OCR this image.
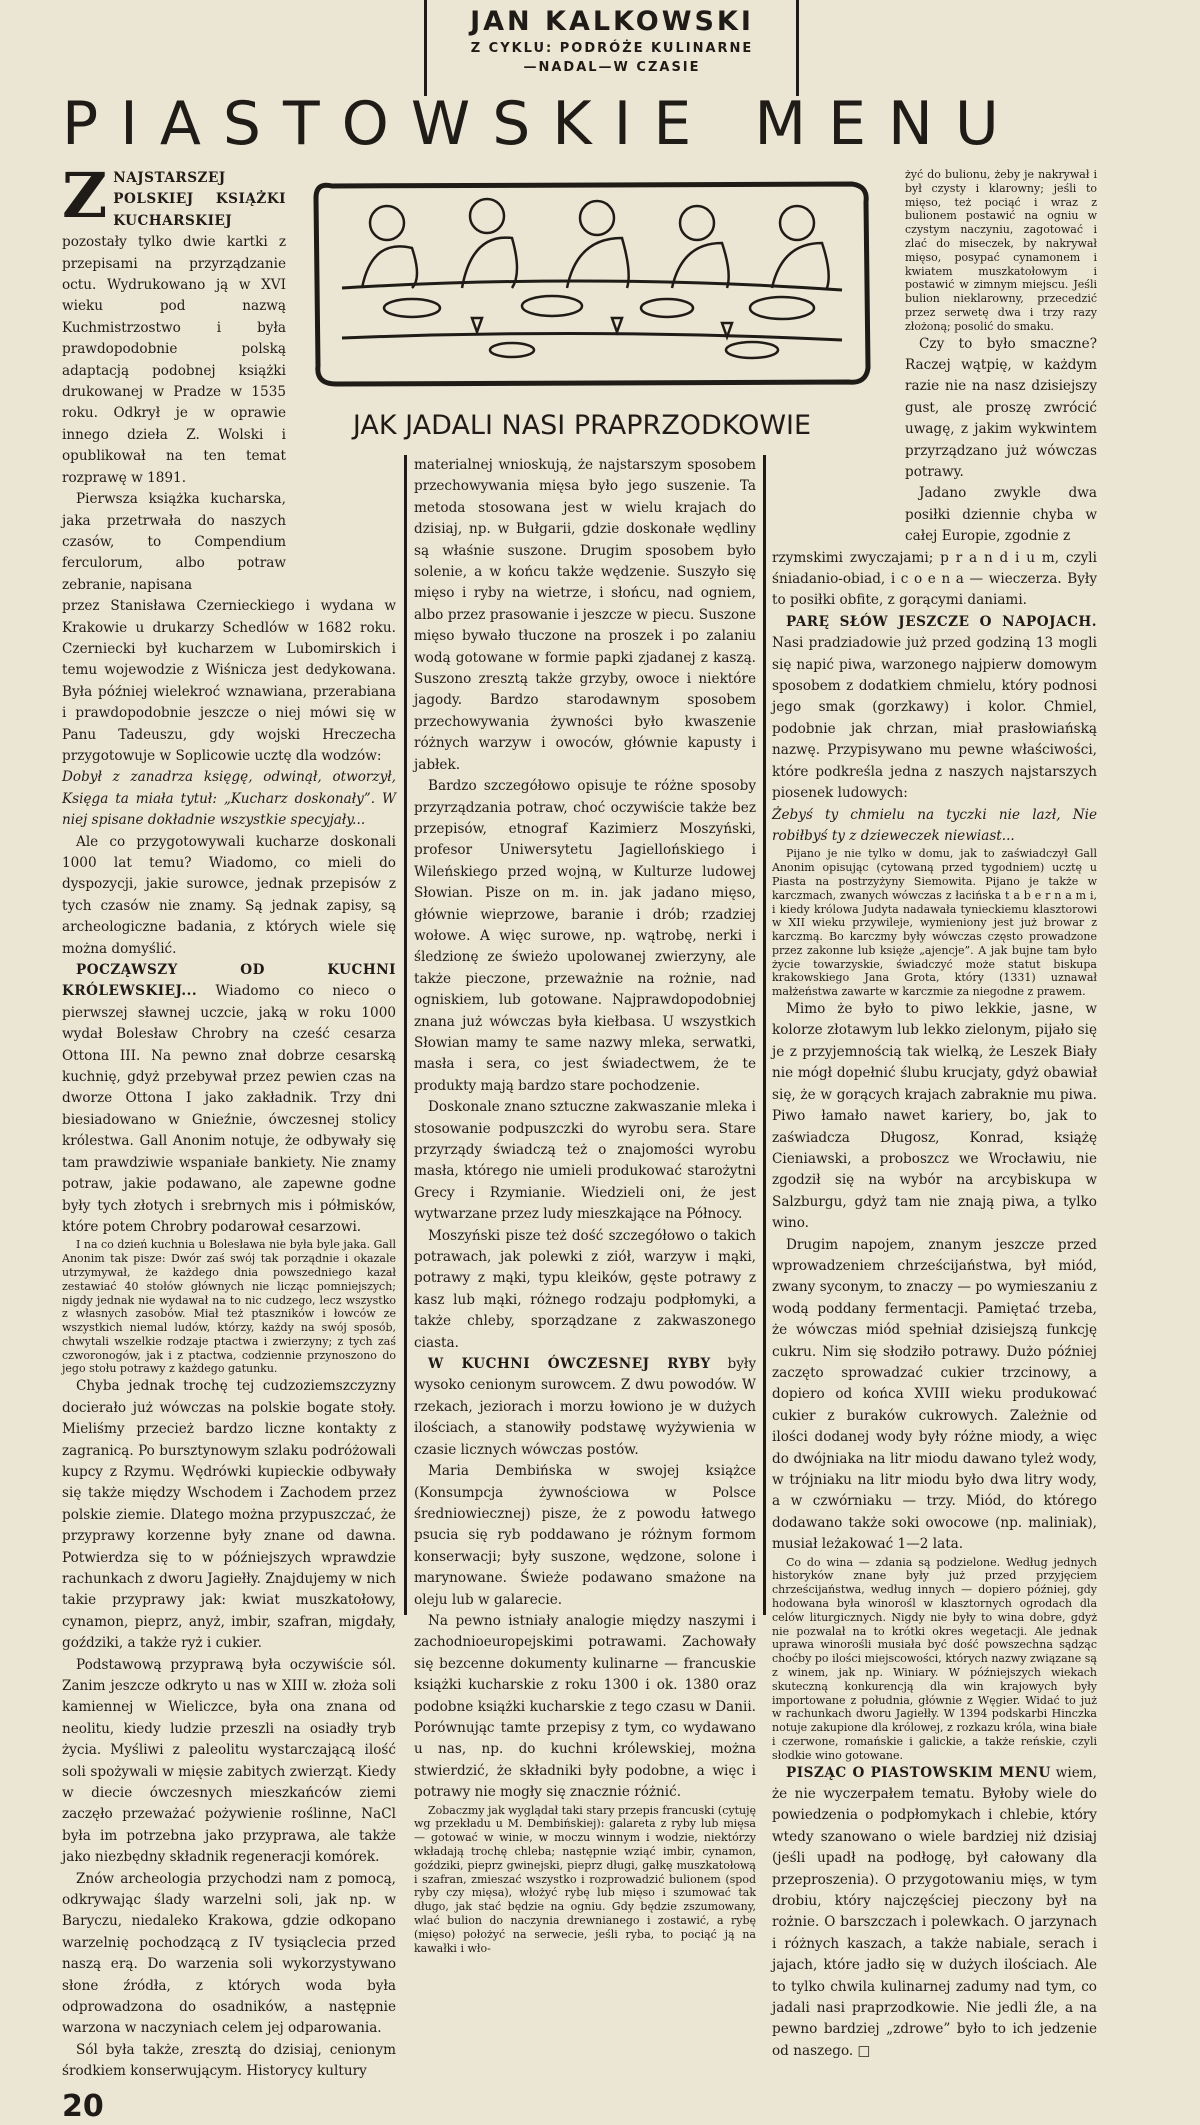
JAN KALKOWSKI
Z CYKLU: PODRÓŻE KULINARNE
—NADAL—W CZASIE
PIASTOWSKIE MENU
JAK JADALI NASI PRAPRZODKOWIE

ZNAJSTARSZEJ POLSKIEJ KSIĄŻKI KUCHARSKIEJ pozostały tylko dwie kartki z przepisami na przyrządzanie octu. Wydrukowano ją w XVI wieku pod nazwą Kuchmistrzostwo i była prawdopodobnie polską adaptacją podobnej książki drukowanej w Pradze w 1535 roku. Odkrył je w oprawie innego dzieła Z. Wolski i opublikował na ten temat rozprawę w 1891.

Pierwsza książka kucharska, jaka przetrwała do naszych czasów, to Compendium ferculorum, albo potraw zebranie, napisana

przez Stanisława Czernieckiego i wydana w Krakowie u drukarzy Schedlów w 1682 roku. Czerniecki był kucharzem w Lubomirskich i temu wojewodzie z Wiśnicza jest dedykowana. Była później wielekroć wznawiana, przerabiana i prawdopodobnie jeszcze o niej mówi się w Panu Tadeuszu, gdy wojski Hreczecha przygotowuje w Soplicowie ucztę dla wodzów:

Dobył z zanadrza księgę, odwinął, otworzył, Księga ta miała tytuł: „Kucharz doskonały”. W niej spisane dokładnie wszystkie specyjały...

Ale co przygotowywali kucharze doskonali 1000 lat temu? Wiadomo, co mieli do dyspozycji, jakie surowce, jednak przepisów z tych czasów nie znamy. Są jednak zapisy, są archeologiczne badania, z których wiele się można domyślić.

POCZĄWSZY OD KUCHNI KRÓLEWSKIEJ... Wiadomo co nieco o pierwszej sławnej uczcie, jaką w roku 1000 wydał Bolesław Chrobry na cześć cesarza Ottona III. Na pewno znał dobrze cesarską kuchnię, gdyż przebywał przez pewien czas na dworze Ottona I jako zakładnik. Trzy dni biesiadowano w Gnieźnie, ówczesnej stolicy królestwa. Gall Anonim notuje, że odbywały się tam prawdziwie wspaniałe bankiety. Nie znamy potraw, jakie podawano, ale zapewne godne były tych złotych i srebrnych mis i półmisków, które potem Chrobry podarował cesarzowi.

I na co dzień kuchnia u Bolesława nie była byle jaka. Gall Anonim tak pisze: Dwór zaś swój tak porządnie i okazale utrzymywał, że każdego dnia powszedniego kazał zestawiać 40 stołów głównych nie licząc pomniejszych; nigdy jednak nie wydawał na to nic cudzego, lecz wszystko z własnych zasobów. Miał też ptaszników i łowców ze wszystkich niemal ludów, którzy, każdy na swój sposób, chwytali wszelkie rodzaje ptactwa i zwierzyny; z tych zaś czworonogów, jak i z ptactwa, codziennie przynoszono do jego stołu potrawy z każdego gatunku.

Chyba jednak trochę tej cudzoziemszczyzny docierało już wówczas na polskie bogate stoły. Mieliśmy przecież bardzo liczne kontakty z zagranicą. Po bursztynowym szlaku podróżowali kupcy z Rzymu. Wędrówki kupieckie odbywały się także między Wschodem i Zachodem przez polskie ziemie. Dlatego można przypuszczać, że przyprawy korzenne były znane od dawna. Potwierdza się to w późniejszych wprawdzie rachunkach z dworu Jagiełły. Znajdujemy w nich takie przyprawy jak: kwiat muszkatołowy, cynamon, pieprz, anyż, imbir, szafran, migdały, goździki, a także ryż i cukier.

Podstawową przyprawą była oczywiście sól. Zanim jeszcze odkryto u nas w XIII w. złoża soli kamiennej w Wieliczce, była ona znana od neolitu, kiedy ludzie przeszli na osiadły tryb życia. Myśliwi z paleolitu wystarczającą ilość soli spożywali w mięsie zabitych zwierząt. Kiedy w diecie ówczesnych mieszkańców ziemi zaczęło przeważać pożywienie roślinne, NaCl była im potrzebna jako przyprawa, ale także jako niezbędny składnik regeneracji komórek.

Znów archeologia przychodzi nam z pomocą, odkrywając ślady warzelni soli, jak np. w Baryczu, niedaleko Krakowa, gdzie odkopano warzelnię pochodzącą z IV tysiąclecia przed naszą erą. Do warzenia soli wykorzystywano słone źródła, z których woda była odprowadzona do osadników, a następnie warzona w naczyniach celem jej odparowania.

Sól była także, zresztą do dzisiaj, cenionym środkiem konserwującym. Historycy kultury

20

materialnej wnioskują, że najstarszym sposobem przechowywania mięsa było jego suszenie. Ta metoda stosowana jest w wielu krajach do dzisiaj, np. w Bułgarii, gdzie doskonałe wędliny są właśnie suszone. Drugim sposobem było solenie, a w końcu także wędzenie. Suszyło się mięso i ryby na wietrze, i słońcu, nad ogniem, albo przez prasowanie i jeszcze w piecu. Suszone mięso bywało tłuczone na proszek i po zalaniu wodą gotowane w formie papki zjadanej z kaszą. Suszono zresztą także grzyby, owoce i niektóre jagody. Bardzo starodawnym sposobem przechowywania żywności było kwaszenie różnych warzyw i owoców, głównie kapusty i jabłek.

Bardzo szczegółowo opisuje te różne sposoby przyrządzania potraw, choć oczywiście także bez przepisów, etnograf Kazimierz Moszyński, profesor Uniwersytetu Jagiellońskiego i Wileńskiego przed wojną, w Kulturze ludowej Słowian. Pisze on m. in. jak jadano mięso, głównie wieprzowe, baranie i drób; rzadziej wołowe. A więc surowe, np. wątrobę, nerki i śledzionę ze świeżo upolowanej zwierzyny, ale także pieczone, przeważnie na rożnie, nad ogniskiem, lub gotowane. Najprawdopodobniej znana już wówczas była kiełbasa. U wszystkich Słowian mamy te same nazwy mleka, serwatki, masła i sera, co jest świadectwem, że te produkty mają bardzo stare pochodzenie.

Doskonale znano sztuczne zakwaszanie mleka i stosowanie podpuszczki do wyrobu sera. Stare przyrządy świadczą też o znajomości wyrobu masła, którego nie umieli produkować starożytni Grecy i Rzymianie. Wiedzieli oni, że jest wytwarzane przez ludy mieszkające na Północy.

Moszyński pisze też dość szczegółowo o takich potrawach, jak polewki z ziół, warzyw i mąki, potrawy z mąki, typu kleików, gęste potrawy z kasz lub mąki, różnego rodzaju podpłomyki, a także chleby, sporządzane z zakwaszonego ciasta.

W KUCHNI ÓWCZESNEJ RYBY były wysoko cenionym surowcem. Z dwu powodów. W rzekach, jeziorach i morzu łowiono je w dużych ilościach, a stanowiły podstawę wyżywienia w czasie licznych wówczas postów.

Maria Dembińska w swojej książce (Konsumpcja żywnościowa w Polsce średniowiecznej) pisze, że z powodu łatwego psucia się ryb poddawano je różnym formom konserwacji; były suszone, wędzone, solone i marynowane. Świeże podawano smażone na oleju lub w galarecie.

Na pewno istniały analogie między naszymi i zachodnioeuropejskimi potrawami. Zachowały się bezcenne dokumenty kulinarne — francuskie książki kucharskie z roku 1300 i ok. 1380 oraz podobne książki kucharskie z tego czasu w Danii. Porównując tamte przepisy z tym, co wydawano u nas, np. do kuchni królewskiej, można stwierdzić, że składniki były podobne, a więc i potrawy nie mogły się znacznie różnić.

Zobaczmy jak wyglądał taki stary przepis francuski (cytuję wg przekładu u M. Dembińskiej): galareta z ryby lub mięsa — gotować w winie, w moczu winnym i wodzie, niektórzy wkładają trochę chleba; następnie wziąć imbir, cynamon, goździki, pieprz gwinejski, pieprz długi, gałkę muszkatołową i szafran, zmieszać wszystko i rozprowadzić bulionem (spod ryby czy mięsa), włożyć rybę lub mięso i szumować tak długo, jak stać będzie na ogniu. Gdy będzie zszumowany, wlać bulion do naczynia drewnianego i zostawić, a rybę (mięso) położyć na serwecie, jeśli ryba, to pociąć ją na kawałki i wło-

żyć do bulionu, żeby je nakrywał i był czysty i klarowny; jeśli to mięso, też pociąć i wraz z bulionem postawić na ogniu w czystym naczyniu, zagotować i zlać do miseczek, by nakrywał mięso, posypać cynamonem i kwiatem muszkatołowym i postawić w zimnym miejscu. Jeśli bulion nieklarowny, przecedzić przez serwetę dwa i trzy razy złożoną; posolić do smaku.

Czy to było smaczne? Raczej wątpię, w każdym razie nie na nasz dzisiejszy gust, ale proszę zwrócić uwagę, z jakim wykwintem przyrządzano już wówczas potrawy.

Jadano zwykle dwa posiłki dziennie chyba w całej Europie, zgodnie z

rzymskimi zwyczajami; p r a n d i u m, czyli śniadanio-obiad, i c o e n a — wieczerza. Były to posiłki obfite, z gorącymi daniami.

PARĘ SŁÓW JESZCZE O NAPOJACH. Nasi pradziadowie już przed godziną 13 mogli się napić piwa, warzonego najpierw domowym sposobem z dodatkiem chmielu, który podnosi jego smak (gorzkawy) i kolor. Chmiel, podobnie jak chrzan, miał prasłowiańską nazwę. Przypisywano mu pewne właściwości, które podkreśla jedna z naszych najstarszych piosenek ludowych:

Żebyś ty chmielu na tyczki nie lazł, Nie robiłbyś ty z dzieweczek niewiast...

Pijano je nie tylko w domu, jak to zaświadczył Gall Anonim opisując (cytowaną przed tygodniem) ucztę u Piasta na postrzyżyny Siemowita. Pijano je także w karczmach, zwanych wówczas z łacińska t a b e r n a m i, i kiedy królowa Judyta nadawała tynieckiemu klasztorowi w XII wieku przywileje, wymieniony jest już browar z karczmą. Bo karczmy były wówczas często prowadzone przez zakonne lub księże „ajencje”. A jak bujne tam było życie towarzyskie, świadczyć może statut biskupa krakowskiego Jana Grota, który (1331) uznawał małżeństwa zawarte w karczmie za niegodne z prawem.

Mimo że było to piwo lekkie, jasne, w kolorze złotawym lub lekko zielonym, pijało się je z przyjemnością tak wielką, że Leszek Biały nie mógł dopełnić ślubu krucjaty, gdyż obawiał się, że w gorących krajach zabraknie mu piwa. Piwo łamało nawet kariery, bo, jak to zaświadcza Długosz, Konrad, książę Cieniawski, a proboszcz we Wrocławiu, nie zgodził się na wybór na arcybiskupa w Salzburgu, gdyż tam nie znają piwa, a tylko wino.

Drugim napojem, znanym jeszcze przed wprowadzeniem chrześcijaństwa, był miód, zwany syconym, to znaczy — po wymieszaniu z wodą poddany fermentacji. Pamiętać trzeba, że wówczas miód spełniał dzisiejszą funkcję cukru. Nim się słodziło potrawy. Dużo później zaczęto sprowadzać cukier trzcinowy, a dopiero od końca XVIII wieku produkować cukier z buraków cukrowych. Zależnie od ilości dodanej wody były różne miody, a więc do dwójniaka na litr miodu dawano tyleż wody, w trójniaku na litr miodu było dwa litry wody, a w czwórniaku — trzy. Miód, do którego dodawano także soki owocowe (np. maliniak), musiał leżakować 1—2 lata.

Co do wina — zdania są podzielone. Według jednych historyków znane były już przed przyjęciem chrześcijaństwa, według innych — dopiero później, gdy hodowana była winorośl w klasztornych ogrodach dla celów liturgicznych. Nigdy nie były to wina dobre, gdyż nie pozwalał na to krótki okres wegetacji. Ale jednak uprawa winorośli musiała być dość powszechna sądząc choćby po ilości miejscowości, których nazwy związane są z winem, jak np. Winiary. W późniejszych wiekach skuteczną konkurencją dla win krajowych były importowane z południa, głównie z Węgier. Widać to już w rachunkach dworu Jagiełły. W 1394 podskarbi Hinczka notuje zakupione dla królowej, z rozkazu króla, wina białe i czerwone, romańskie i galickie, a także reńskie, czyli słodkie wino gotowane.

PISZĄC O PIASTOWSKIM MENU wiem, że nie wyczerpałem tematu. Byłoby wiele do powiedzenia o podpłomykach i chlebie, który wtedy szanowano o wiele bardziej niż dzisiaj (jeśli upadł na podłogę, był całowany dla przeproszenia). O przygotowaniu mięs, w tym drobiu, który najczęściej pieczony był na rożnie. O barszczach i polewkach. O jarzynach i różnych kaszach, a także nabiale, serach i jajach, które jadło się w dużych ilościach. Ale to tylko chwila kulinarnej zadumy nad tym, co jadali nasi praprzodkowie. Nie jedli źle, a na pewno bardziej „zdrowe” było to ich jedzenie od naszego. □
